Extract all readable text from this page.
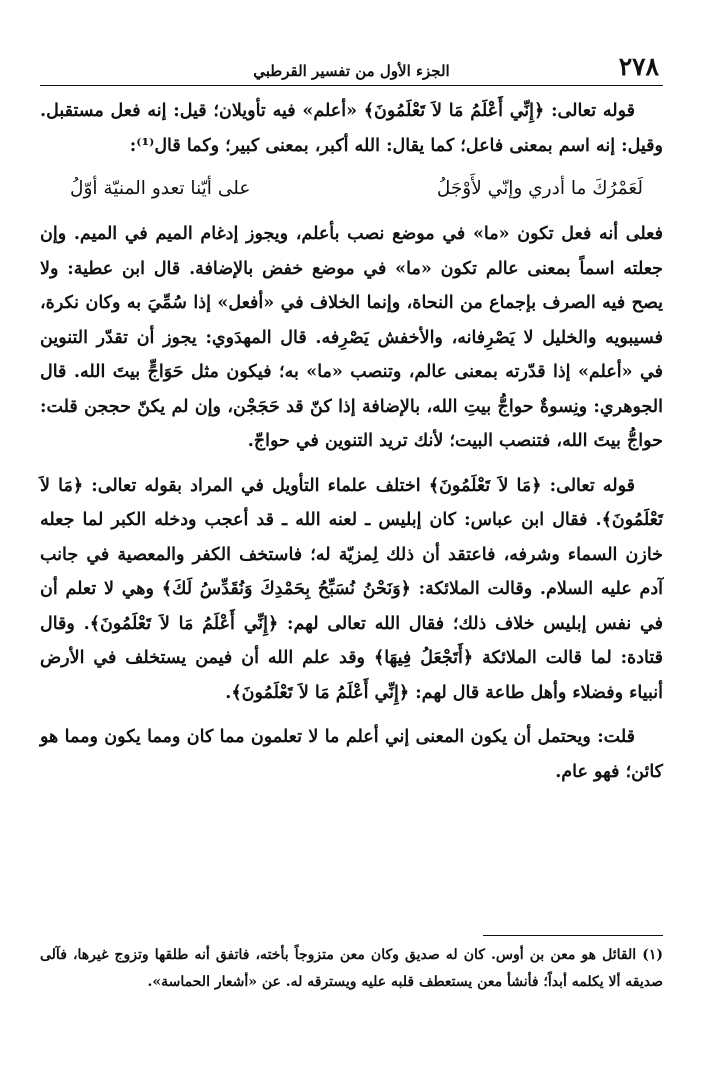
٢٧٨
الجزء الأول من تفسير القرطبي

قوله تعالى: ﴿إِنِّي أَعْلَمُ مَا لاَ تَعْلَمُونَ﴾ «أعلم» فيه تأويلان؛ قيل: إنه فعل مستقبل. وقيل: إنه اسم بمعنى فاعل؛ كما يقال: الله أكبر، بمعنى كبير؛ وكما قال⁽¹⁾:

لَعَمْرُكَ ما أدري وإنّي لأَوْجَلُ
على أيّنا تعدو المنيّة أوّلُ

فعلى أنه فعل تكون «ما» في موضع نصب بأعلم، ويجوز إدغام الميم في الميم. وإن جعلته اسماً بمعنى عالم تكون «ما» في موضع خفض بالإضافة. قال ابن عطية: ولا يصح فيه الصرف بإجماع من النحاة، وإنما الخلاف في «أفعل» إذا سُمِّيَ به وكان نكرة، فسيبويه والخليل لا يَصْرِفانه، والأخفش يَصْرِفه. قال المهدَوي: يجوز أن تقدّر التنوين في «أعلم» إذا قدّرته بمعنى عالم، وتنصب «ما» به؛ فيكون مثل حَوَاجٍّ بيتَ الله. قال الجوهري: ونِسوةٌ حواجُّ بيتِ الله، بالإضافة إذا كنّ قد حَجَجْن، وإن لم يكنّ حججن قلت: حواجُّ بيتَ الله، فتنصب البيت؛ لأنك تريد التنوين في حواجّ.

قوله تعالى: ﴿مَا لاَ تَعْلَمُونَ﴾ اختلف علماء التأويل في المراد بقوله تعالى: ﴿مَا لاَ تَعْلَمُونَ﴾. فقال ابن عباس: كان إبليس ـ لعنه الله ـ قد أعجب ودخله الكبر لما جعله خازن السماء وشرفه، فاعتقد أن ذلك لِمزيّة له؛ فاستخف الكفر والمعصية في جانب آدم عليه السلام. وقالت الملائكة: ﴿وَنَحْنُ نُسَبِّحُ بِحَمْدِكَ وَنُقَدِّسُ لَكَ﴾ وهي لا تعلم أن في نفس إبليس خلاف ذلك؛ فقال الله تعالى لهم: ﴿إِنِّي أَعْلَمُ مَا لاَ تَعْلَمُونَ﴾. وقال قتادة: لما قالت الملائكة ﴿أَتَجْعَلُ فِيهَا﴾ وقد علم الله أن فيمن يستخلف في الأرض أنبياء وفضلاء وأهل طاعة قال لهم: ﴿إِنِّي أَعْلَمُ مَا لاَ تَعْلَمُونَ﴾.

قلت: ويحتمل أن يكون المعنى إني أعلم ما لا تعلمون مما كان ومما يكون ومما هو كائن؛ فهو عام.

(١) القائل هو معن بن أوس. كان له صديق وكان معن متزوجاً بأخته، فاتفق أنه طلقها وتزوج غيرها، فآلى صديقه ألا يكلمه أبداً؛ فأنشأ معن يستعطف قلبه عليه ويسترقه له. عن «أشعار الحماسة».
